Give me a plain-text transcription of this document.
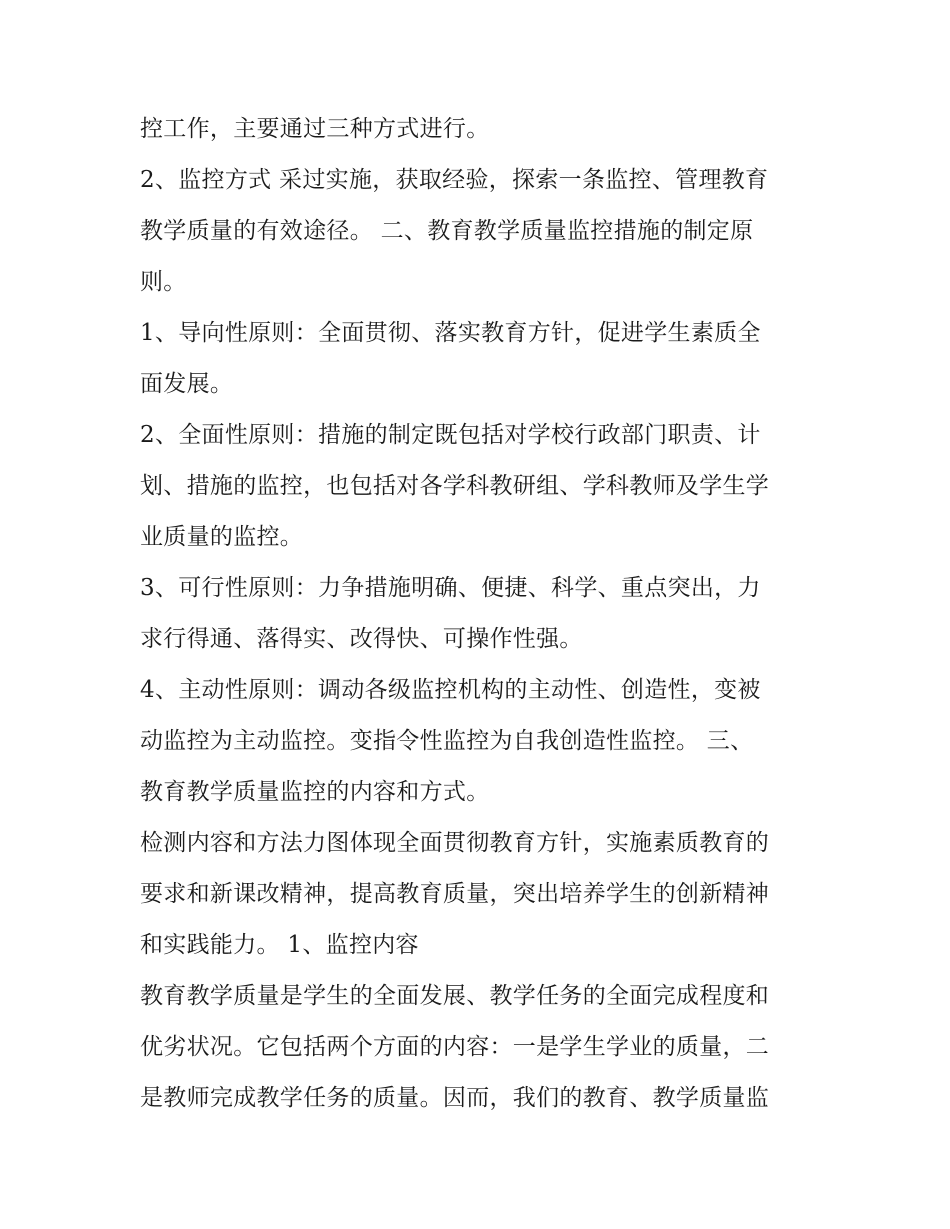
控工作，主要通过三种方式进行。
2、监控方式 采过实施，获取经验，探索一条监控、管理教育
教学质量的有效途径。 二、教育教学质量监控措施的制定原
则。
1、导向性原则：全面贯彻、落实教育方针，促进学生素质全
面发展。
2、全面性原则：措施的制定既包括对学校行政部门职责、计
划、措施的监控，也包括对各学科教研组、学科教师及学生学
业质量的监控。
3、可行性原则：力争措施明确、便捷、科学、重点突出，力
求行得通、落得实、改得快、可操作性强。
4、主动性原则：调动各级监控机构的主动性、创造性，变被
动监控为主动监控。变指令性监控为自我创造性监控。 三、
教育教学质量监控的内容和方式。
检测内容和方法力图体现全面贯彻教育方针，实施素质教育的
要求和新课改精神，提高教育质量，突出培养学生的创新精神
和实践能力。 1、监控内容
教育教学质量是学生的全面发展、教学任务的全面完成程度和
优劣状况。它包括两个方面的内容：一是学生学业的质量，二
是教师完成教学任务的质量。因而，我们的教育、教学质量监
